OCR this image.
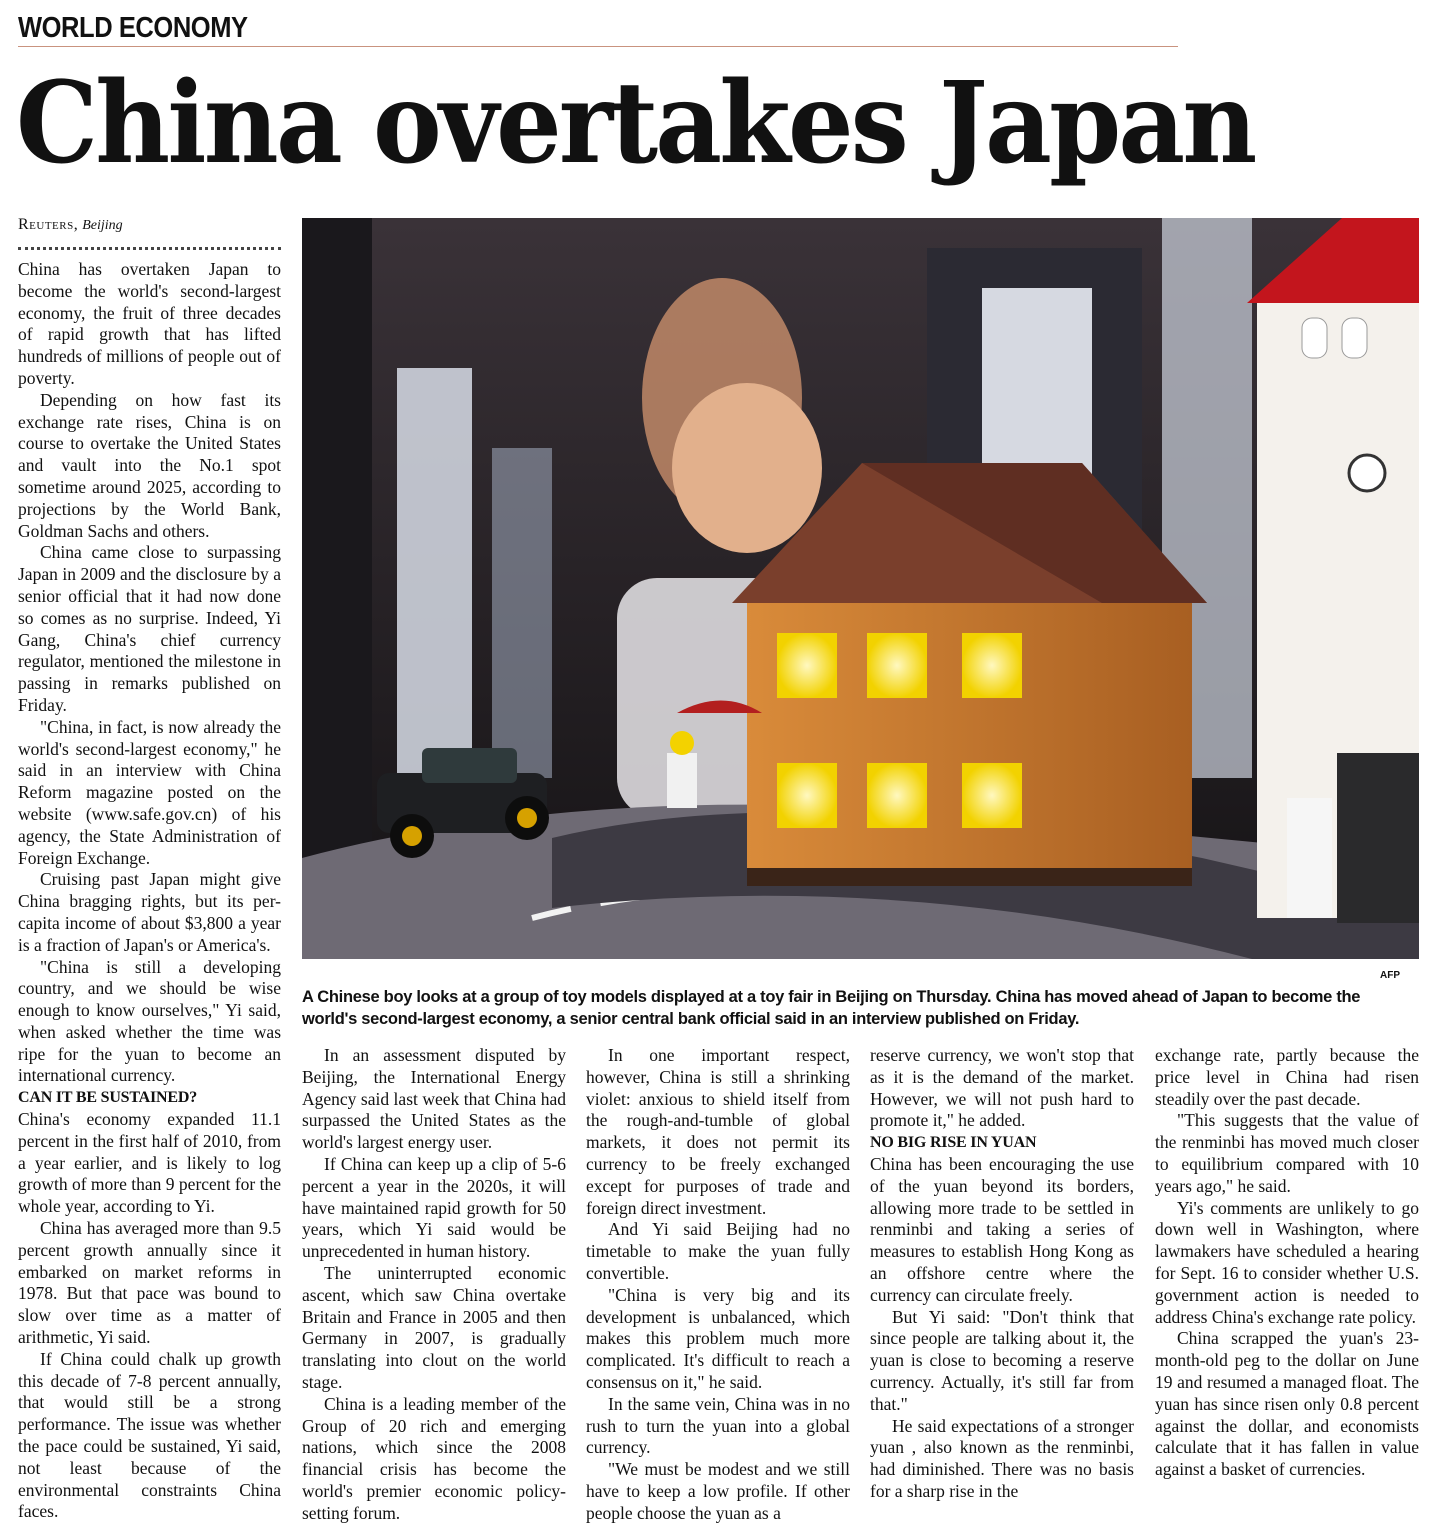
WORLD ECONOMY
China overtakes Japan
Reuters, Beijing

China has overtaken Japan to become the world's second-largest economy, the fruit of three decades of rapid growth that has lifted hundreds of millions of people out of poverty.

Depending on how fast its exchange rate rises, China is on course to overtake the United States and vault into the No.1 spot sometime around 2025, according to projections by the World Bank, Goldman Sachs and others.

China came close to surpassing Japan in 2009 and the disclosure by a senior official that it had now done so comes as no surprise. Indeed, Yi Gang, China's chief currency regulator, mentioned the milestone in passing in remarks published on Friday.

"China, in fact, is now already the world's second-largest economy," he said in an interview with China Reform magazine posted on the website (www.safe.gov.cn) of his agency, the State Administration of Foreign Exchange.

Cruising past Japan might give China bragging rights, but its per-capita income of about $3,800 a year is a fraction of Japan's or America's.

"China is still a developing country, and we should be wise enough to know ourselves," Yi said, when asked whether the time was ripe for the yuan to become an international currency.

CAN IT BE SUSTAINED?

China's economy expanded 11.1 percent in the first half of 2010, from a year earlier, and is likely to log growth of more than 9 percent for the whole year, according to Yi.

China has averaged more than 9.5 percent growth annually since it embarked on market reforms in 1978. But that pace was bound to slow over time as a matter of arithmetic, Yi said.

If China could chalk up growth this decade of 7-8 percent annually, that would still be a strong performance. The issue was whether the pace could be sustained, Yi said, not least because of the environmental constraints China faces.

AFP
A Chinese boy looks at a group of toy models displayed at a toy fair in Beijing on Thursday. China has moved ahead of Japan to become the world's second-largest economy, a senior central bank official said in an interview published on Friday.

In an assessment disputed by Beijing, the International Energy Agency said last week that China had surpassed the United States as the world's largest energy user.

If China can keep up a clip of 5-6 percent a year in the 2020s, it will have maintained rapid growth for 50 years, which Yi said would be unprecedented in human history.

The uninterrupted economic ascent, which saw China overtake Britain and France in 2005 and then Germany in 2007, is gradually translating into clout on the world stage.

China is a leading member of the Group of 20 rich and emerging nations, which since the 2008 financial crisis has become the world's premier economic policy-setting forum.

In one important respect, however, China is still a shrinking violet: anxious to shield itself from the rough-and-tumble of global markets, it does not permit its currency to be freely exchanged except for purposes of trade and foreign direct investment.

And Yi said Beijing had no timetable to make the yuan fully convertible.

"China is very big and its development is unbalanced, which makes this problem much more complicated. It's difficult to reach a consensus on it," he said.

In the same vein, China was in no rush to turn the yuan into a global currency.

"We must be modest and we still have to keep a low profile. If other people choose the yuan as a

reserve currency, we won't stop that as it is the demand of the market. However, we will not push hard to promote it," he added.

NO BIG RISE IN YUAN

China has been encouraging the use of the yuan beyond its borders, allowing more trade to be settled in renminbi and taking a series of measures to establish Hong Kong as an offshore centre where the currency can circulate freely.

But Yi said: "Don't think that since people are talking about it, the yuan is close to becoming a reserve currency. Actually, it's still far from that."

He said expectations of a stronger yuan , also known as the renminbi, had diminished. There was no basis for a sharp rise in the

exchange rate, partly because the price level in China had risen steadily over the past decade.

"This suggests that the value of the renminbi has moved much closer to equilibrium compared with 10 years ago," he said.

Yi's comments are unlikely to go down well in Washington, where lawmakers have scheduled a hearing for Sept. 16 to consider whether U.S. government action is needed to address China's exchange rate policy.

China scrapped the yuan's 23-month-old peg to the dollar on June 19 and resumed a managed float. The yuan has since risen only 0.8 percent against the dollar, and economists calculate that it has fallen in value against a basket of currencies.
